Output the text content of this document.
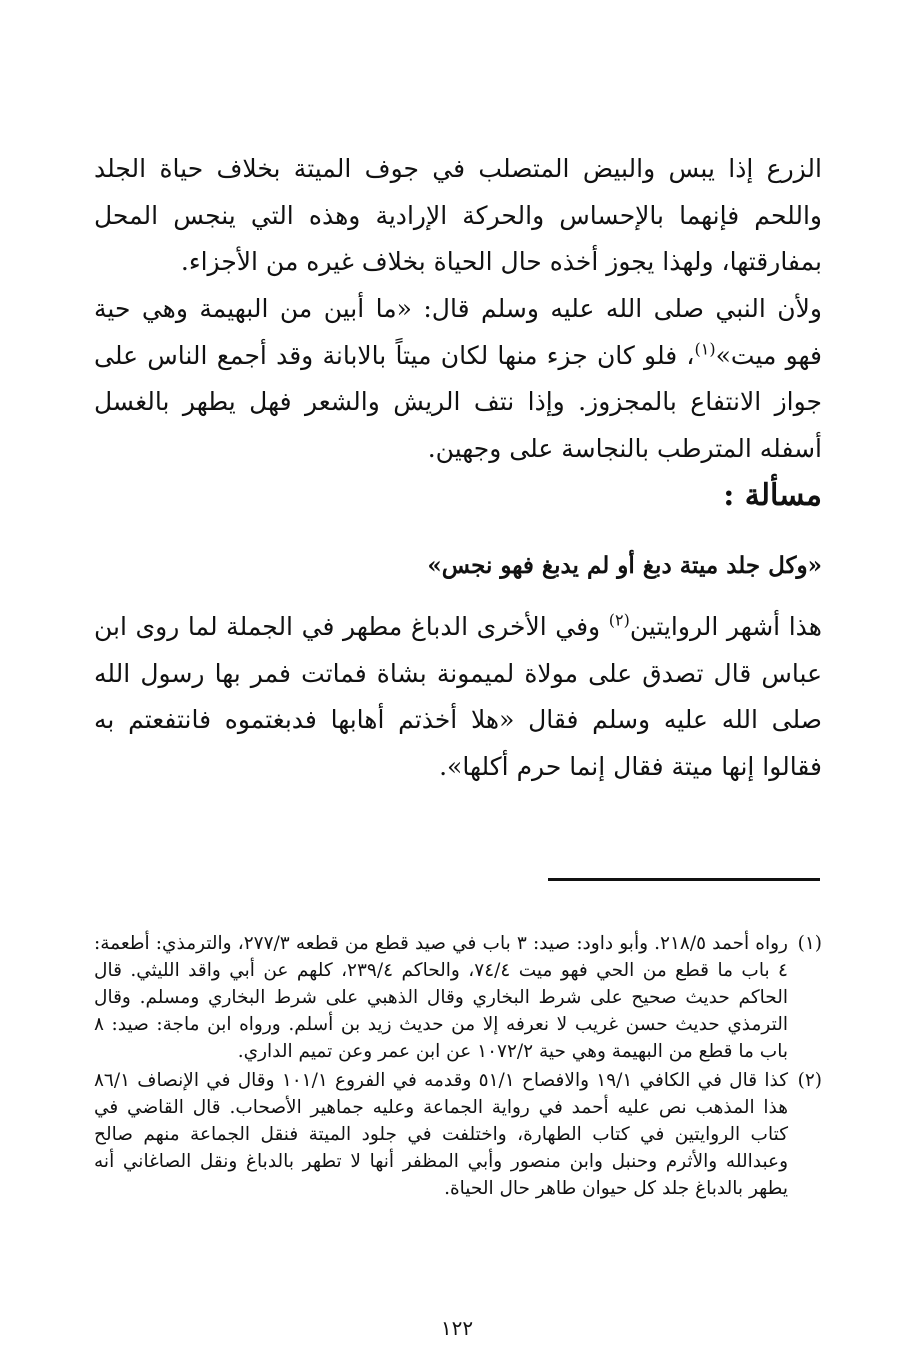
الزرع إذا يبس والبيض المتصلب في جوف الميتة بخلاف حياة الجلد واللحم فإنهما بالإحساس والحركة الإرادية وهذه التي ينجس المحل بمفارقتها، ولهذا يجوز أخذه حال الحياة بخلاف غيره من الأجزاء.

ولأن النبي صلى الله عليه وسلم قال: «ما أبين من البهيمة وهي حية فهو ميت»$^{(١)}$، فلو كان جزء منها لكان ميتاً بالابانة وقد أجمع الناس على جواز الانتفاع بالمجزوز. وإذا نتف الريش والشعر فهل يطهر بالغسل أسفله المترطب بالنجاسة على وجهين.

مسألة :

«وكل جلد ميتة دبغ أو لم يدبغ فهو نجس»

هذا أشهر الروايتين$^{(٢)}$ وفي الأخرى الدباغ مطهر في الجملة لما روى ابن عباس قال تصدق على مولاة لميمونة بشاة فماتت فمر بها رسول الله صلى الله عليه وسلم فقال «هلا أخذتم أهابها فدبغتموه فانتفعتم به فقالوا إنها ميتة فقال إنما حرم أكلها».

(١)
رواه أحمد ٢١٨/٥. وأبو داود: صيد: ٣ باب في صيد قطع من قطعه ٢٧٧/٣، والترمذي: أطعمة: ٤ باب ما قطع من الحي فهو ميت ٧٤/٤، والحاكم ٢٣٩/٤، كلهم عن أبي واقد الليثي. قال الحاكم حديث صحيح على شرط البخاري وقال الذهبي على شرط البخاري ومسلم. وقال الترمذي حديث حسن غريب لا نعرفه إلا من حديث زيد بن أسلم. ورواه ابن ماجة: صيد: ٨ باب ما قطع من البهيمة وهي حية ١٠٧٢/٢ عن ابن عمر وعن تميم الداري.

(٢)
كذا قال في الكافي ١٩/١ والافصاح ٥١/١ وقدمه في الفروع ١٠١/١ وقال في الإنصاف ٨٦/١ هذا المذهب نص عليه أحمد في رواية الجماعة وعليه جماهير الأصحاب. قال القاضي في كتاب الروايتين في كتاب الطهارة، واختلفت في جلود الميتة فنقل الجماعة منهم صالح وعبدالله والأثرم وحنبل وابن منصور وأبي المظفر أنها لا تطهر بالدباغ ونقل الصاغاني أنه يطهر بالدباغ جلد كل حيوان طاهر حال الحياة.

١٢٢
